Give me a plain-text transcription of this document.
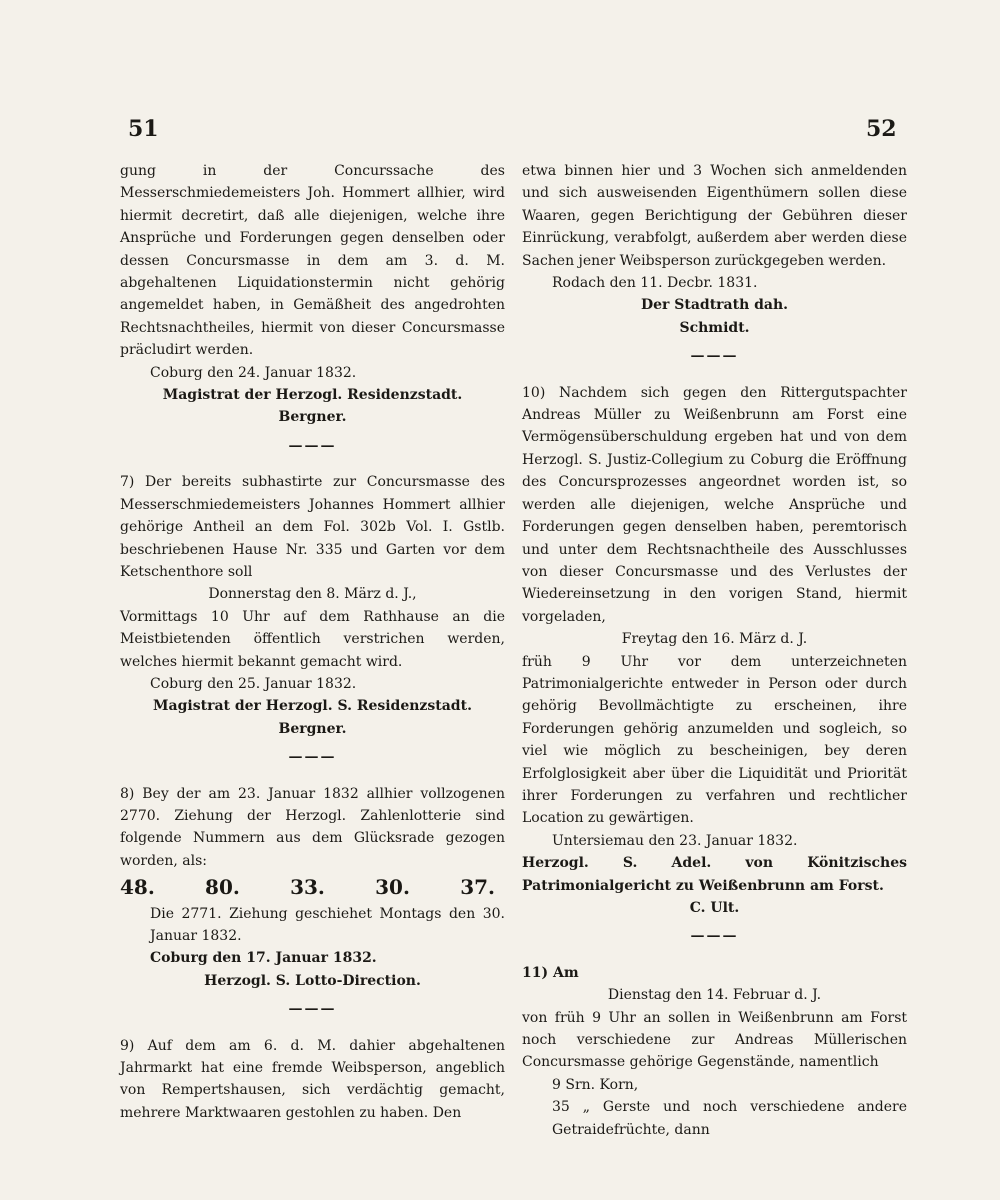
51	52

gung in der Concurssache des Messerschmiedemeisters Joh. Hommert allhier, wird hiermit decretirt, daß alle diejenigen, welche ihre Ansprüche und Forderungen gegen denselben oder dessen Concursmasse in dem am 3. d. M. abgehaltenen Liquidationstermin nicht gehörig angemeldet haben, in Gemäßheit des angedrohten Rechtsnachtheiles, hiermit von dieser Concursmasse präcludirt werden.

Coburg den 24. Januar 1832.

Magistrat der Herzogl. Residenzstadt.

Bergner.

———

7) Der bereits subhastirte zur Concursmasse des Messerschmiedemeisters Johannes Hommert allhier gehörige Antheil an dem Fol. 302b Vol. I. Gstlb. beschriebenen Hause Nr. 335 und Garten vor dem Ketschenthore soll

Donnerstag den 8. März d. J.,

Vormittags 10 Uhr auf dem Rathhause an die Meistbietenden öffentlich verstrichen werden, welches hiermit bekannt gemacht wird.

Coburg den 25. Januar 1832.

Magistrat der Herzogl. S. Residenzstadt.

Bergner.

———

8) Bey der am 23. Januar 1832 allhier vollzogenen 2770. Ziehung der Herzogl. Zahlenlotterie sind folgende Nummern aus dem Glücksrade gezogen worden, als:

48.	80.	33.	30.	37.

Die 2771. Ziehung geschiehet Montags den 30. Januar 1832.

Coburg den 17. Januar 1832.

Herzogl. S. Lotto-Direction.

———

9) Auf dem am 6. d. M. dahier abgehaltenen Jahrmarkt hat eine fremde Weibsperson, angeblich von Rempertshausen, sich verdächtig gemacht, mehrere Marktwaaren gestohlen zu haben. Den

etwa binnen hier und 3 Wochen sich anmeldenden und sich ausweisenden Eigenthümern sollen diese Waaren, gegen Berichtigung der Gebühren dieser Einrückung, verabfolgt, außerdem aber werden diese Sachen jener Weibsperson zurückgegeben werden.

Rodach den 11. Decbr. 1831.

Der Stadtrath dah.

Schmidt.

———

10) Nachdem sich gegen den Rittergutspachter Andreas Müller zu Weißenbrunn am Forst eine Vermögensüberschuldung ergeben hat und von dem Herzogl. S. Justiz-Collegium zu Coburg die Eröffnung des Concursprozesses angeordnet worden ist, so werden alle diejenigen, welche Ansprüche und Forderungen gegen denselben haben, peremtorisch und unter dem Rechtsnachtheile des Ausschlusses von dieser Concursmasse und des Verlustes der Wiedereinsetzung in den vorigen Stand, hiermit vorgeladen,

Freytag den 16. März d. J.

früh 9 Uhr vor dem unterzeichneten Patrimonialgerichte entweder in Person oder durch gehörig Bevollmächtigte zu erscheinen, ihre Forderungen gehörig anzumelden und sogleich, so viel wie möglich zu bescheinigen, bey deren Erfolglosigkeit aber über die Liquidität und Priorität ihrer Forderungen zu verfahren und rechtlicher Location zu gewärtigen.

Untersiemau den 23. Januar 1832.

Herzogl. S. Adel. von Könitzisches Patrimonialgericht zu Weißenbrunn am Forst.

C. Ult.

———

11) Am

Dienstag den 14. Februar d. J.

von früh 9 Uhr an sollen in Weißenbrunn am Forst noch verschiedene zur Andreas Müllerischen Concursmasse gehörige Gegenstände, namentlich

9 Srn. Korn,

35 „ Gerste und noch verschiedene andere Getraidefrüchte, dann
